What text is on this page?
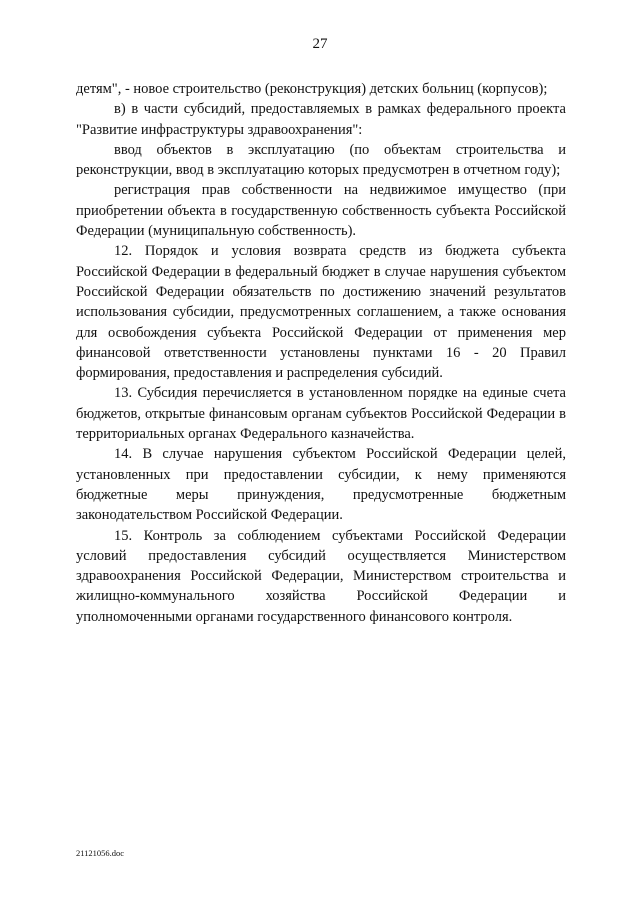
27

детям", - новое строительство (реконструкция) детских больниц (корпусов);

в) в части субсидий, предоставляемых в рамках федерального проекта "Развитие инфраструктуры здравоохранения":

ввод объектов в эксплуатацию (по объектам строительства и реконструкции, ввод в эксплуатацию которых предусмотрен в отчетном году);

регистрация прав собственности на недвижимое имущество (при приобретении объекта в государственную собственность субъекта Российской Федерации (муниципальную собственность).

12. Порядок и условия возврата средств из бюджета субъекта Российской Федерации в федеральный бюджет в случае нарушения субъектом Российской Федерации обязательств по достижению значений результатов использования субсидии, предусмотренных соглашением, а также основания для освобождения субъекта Российской Федерации от применения мер финансовой ответственности установлены пунктами 16 - 20 Правил формирования, предоставления и распределения субсидий.

13. Субсидия перечисляется в установленном порядке на единые счета бюджетов, открытые финансовым органам субъектов Российской Федерации в территориальных органах Федерального казначейства.

14. В случае нарушения субъектом Российской Федерации целей, установленных при предоставлении субсидии, к нему применяются бюджетные меры принуждения, предусмотренные бюджетным законодательством Российской Федерации.

15. Контроль за соблюдением субъектами Российской Федерации условий предоставления субсидий осуществляется Министерством здравоохранения Российской Федерации, Министерством строительства и жилищно-коммунального хозяйства Российской Федерации и уполномоченными органами государственного финансового контроля.

21121056.doc
